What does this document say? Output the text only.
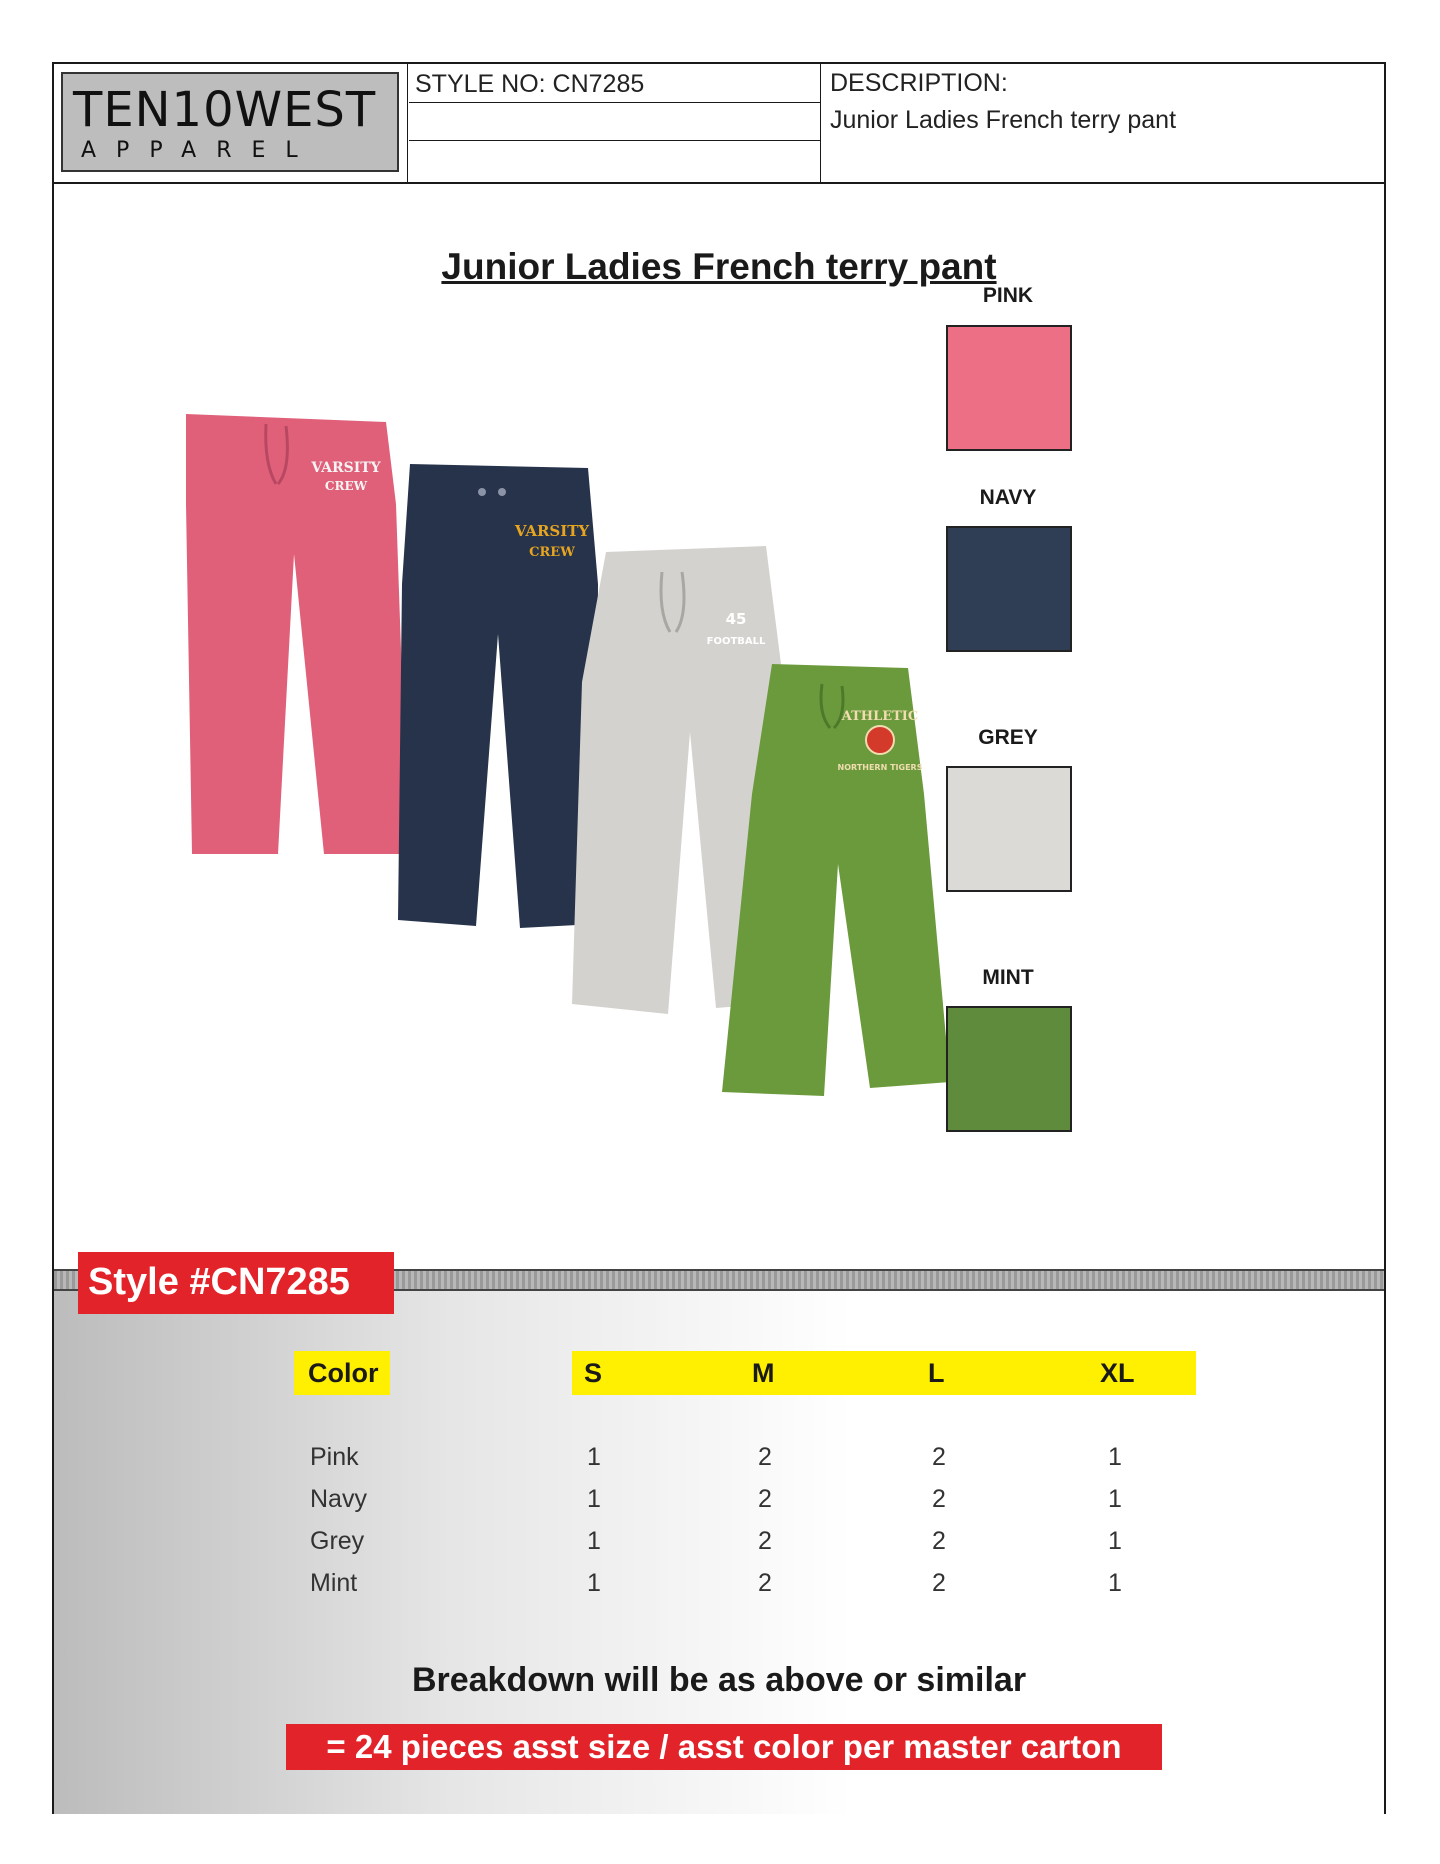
TEN10WEST
APPAREL
STYLE NO: CN7285	DESCRIPTION:
Junior Ladies French terry pant
Junior Ladies French terry pant
VARSITY
CREW
VARSITY
CREW
45
FOOTBALL
ATHLETIC
NORTHERN TIGERS
PINK
NAVY
GREY
MINT
Style #CN7285
Color	S	M	L	XL
Pink	1	2	2	1
Navy	1	2	2	1
Grey	1	2	2	1
Mint	1	2	2	1
Breakdown will be as above or similar
= 24 pieces asst size / asst color per master carton
